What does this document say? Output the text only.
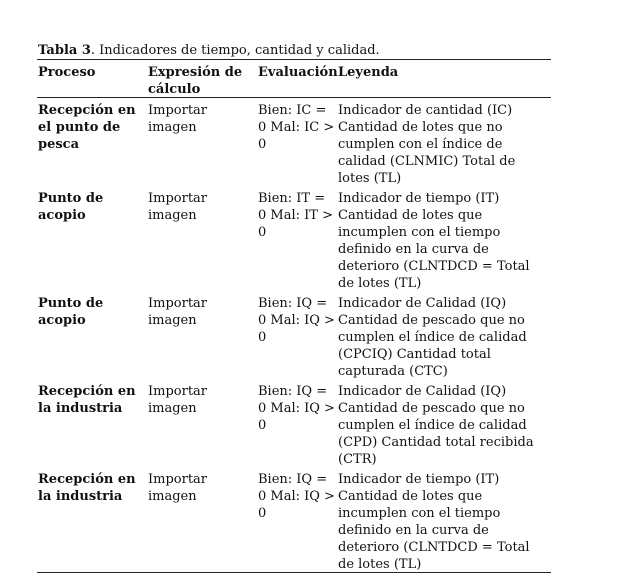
Tabla 3. Indicadores de tiempo, cantidad y calidad.
Proceso	Expresión de cálculo
Evaluación Leyenda
Recepción en el punto de pesca
Importar imagen
Bien: IC = 0 Mal: IC > 0
Indicador de cantidad (IC) Cantidad de lotes que no cumplen con el índice de calidad (CLNMIC) Total de lotes (TL)
Punto de acopio
Importar imagen
Bien: IT = 0 Mal: IT > 0
Indicador de tiempo (IT) Cantidad de lotes que incumplen con el tiempo definido en la curva de deterioro (CLNTDCD = Total de lotes (TL)
Punto de acopio
Importar imagen
Bien: IQ = 0 Mal: IQ > 0
Indicador de Calidad (IQ) Cantidad de pescado que no cumplen el índice de calidad (CPCIQ) Cantidad total capturada (CTC)
Recepción en la industria
Importar imagen
Bien: IQ = 0 Mal: IQ > 0
Indicador de Calidad (IQ) Cantidad de pescado que no cumplen el índice de calidad (CPD) Cantidad total recibida (CTR)
Recepción en la industria
Importar imagen
Bien: IQ = 0 Mal: IQ > 0
Indicador de tiempo (IT) Cantidad de lotes que incumplen con el tiempo definido en la curva de deterioro (CLNTDCD = Total de lotes (TL)
